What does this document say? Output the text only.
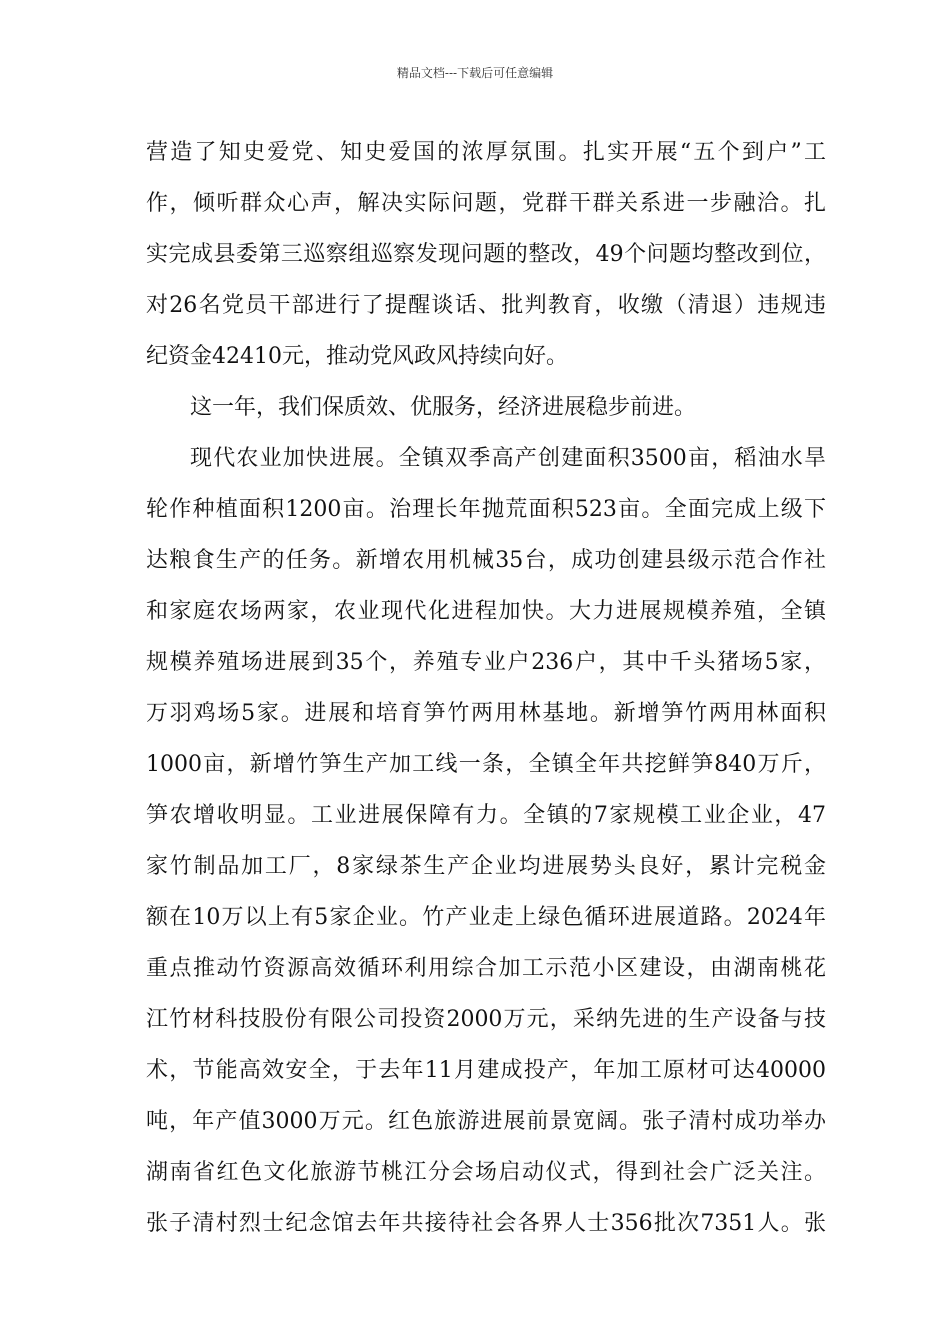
精品文档---下载后可任意编辑
营造了知史爱党、知史爱国的浓厚氛围。扎实开展“五个到户”工
作，倾听群众心声，解决实际问题，党群干群关系进一步融洽。扎
实完成县委第三巡察组巡察发现问题的整改，49个问题均整改到位，
对26名党员干部进行了提醒谈话、批判教育，收缴（清退）违规违
纪资金42410元，推动党风政风持续向好。
这一年，我们保质效、优服务，经济进展稳步前进。
现代农业加快进展。全镇双季高产创建面积3500亩，稻油水旱
轮作种植面积1200亩。治理长年抛荒面积523亩。全面完成上级下
达粮食生产的任务。新增农用机械35台，成功创建县级示范合作社
和家庭农场两家，农业现代化进程加快。大力进展规模养殖，全镇
规模养殖场进展到35个，养殖专业户236户，其中千头猪场5家，
万羽鸡场5家。进展和培育笋竹两用林基地。新增笋竹两用林面积
1000亩，新增竹笋生产加工线一条，全镇全年共挖鲜笋840万斤，
笋农增收明显。工业进展保障有力。全镇的7家规模工业企业，47
家竹制品加工厂，8家绿茶生产企业均进展势头良好，累计完税金
额在10万以上有5家企业。竹产业走上绿色循环进展道路。2024年
重点推动竹资源高效循环利用综合加工示范小区建设，由湖南桃花
江竹材科技股份有限公司投资2000万元，采纳先进的生产设备与技
术，节能高效安全，于去年11月建成投产，年加工原材可达40000
吨，年产值3000万元。红色旅游进展前景宽阔。张子清村成功举办
湖南省红色文化旅游节桃江分会场启动仪式，得到社会广泛关注。
张子清村烈士纪念馆去年共接待社会各界人士356批次7351人。张
